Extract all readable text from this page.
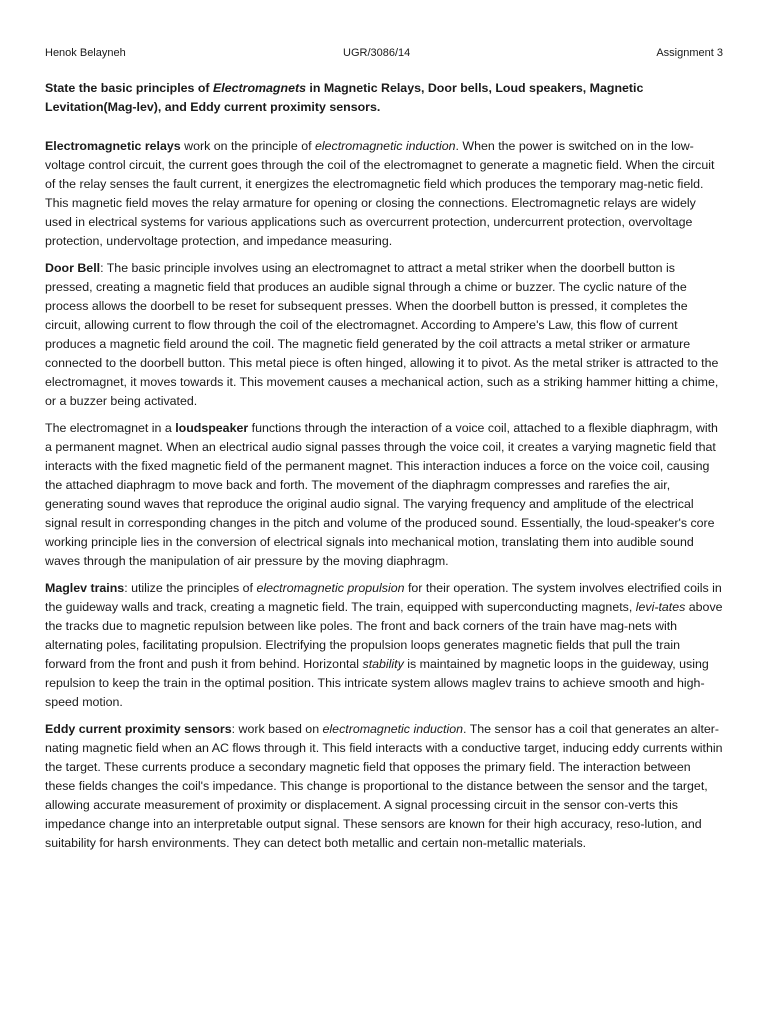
Henok Belayneh	UGR/3086/14	Assignment 3
State the basic principles of Electromagnets in Magnetic Relays, Door bells, Loud speakers, Magnetic Levitation(Mag-lev), and Eddy current proximity sensors.

Electromagnetic relays work on the principle of electromagnetic induction. When the power is switched on in the low-voltage control circuit, the current goes through the coil of the electromagnet to generate a magnetic field. When the circuit of the relay senses the fault current, it energizes the electromagnetic field which produces the temporary mag-netic field. This magnetic field moves the relay armature for opening or closing the connections. Electromagnetic relays are widely used in electrical systems for various applications such as overcurrent protection, undercurrent protection, overvoltage protection, undervoltage protection, and impedance measuring.

Door Bell: The basic principle involves using an electromagnet to attract a metal striker when the doorbell button is pressed, creating a magnetic field that produces an audible signal through a chime or buzzer. The cyclic nature of the process allows the doorbell to be reset for subsequent presses. When the doorbell button is pressed, it completes the circuit, allowing current to flow through the coil of the electromagnet. According to Ampere's Law, this flow of current produces a magnetic field around the coil. The magnetic field generated by the coil attracts a metal striker or armature connected to the doorbell button. This metal piece is often hinged, allowing it to pivot. As the metal striker is attracted to the electromagnet, it moves towards it. This movement causes a mechanical action, such as a striking hammer hitting a chime, or a buzzer being activated.

The electromagnet in a loudspeaker functions through the interaction of a voice coil, attached to a flexible diaphragm, with a permanent magnet. When an electrical audio signal passes through the voice coil, it creates a varying magnetic field that interacts with the fixed magnetic field of the permanent magnet. This interaction induces a force on the voice coil, causing the attached diaphragm to move back and forth. The movement of the diaphragm compresses and rarefies the air, generating sound waves that reproduce the original audio signal. The varying frequency and amplitude of the electrical signal result in corresponding changes in the pitch and volume of the produced sound. Essentially, the loud-speaker's core working principle lies in the conversion of electrical signals into mechanical motion, translating them into audible sound waves through the manipulation of air pressure by the moving diaphragm.

Maglev trains: utilize the principles of electromagnetic propulsion for their operation. The system involves electrified coils in the guideway walls and track, creating a magnetic field. The train, equipped with superconducting magnets, levi-tates above the tracks due to magnetic repulsion between like poles. The front and back corners of the train have mag-nets with alternating poles, facilitating propulsion. Electrifying the propulsion loops generates magnetic fields that pull the train forward from the front and push it from behind. Horizontal stability is maintained by magnetic loops in the guideway, using repulsion to keep the train in the optimal position. This intricate system allows maglev trains to achieve smooth and high-speed motion.

Eddy current proximity sensors: work based on electromagnetic induction. The sensor has a coil that generates an alter-nating magnetic field when an AC flows through it. This field interacts with a conductive target, inducing eddy currents within the target. These currents produce a secondary magnetic field that opposes the primary field. The interaction between these fields changes the coil's impedance. This change is proportional to the distance between the sensor and the target, allowing accurate measurement of proximity or displacement. A signal processing circuit in the sensor con-verts this impedance change into an interpretable output signal. These sensors are known for their high accuracy, reso-lution, and suitability for harsh environments. They can detect both metallic and certain non-metallic materials.
